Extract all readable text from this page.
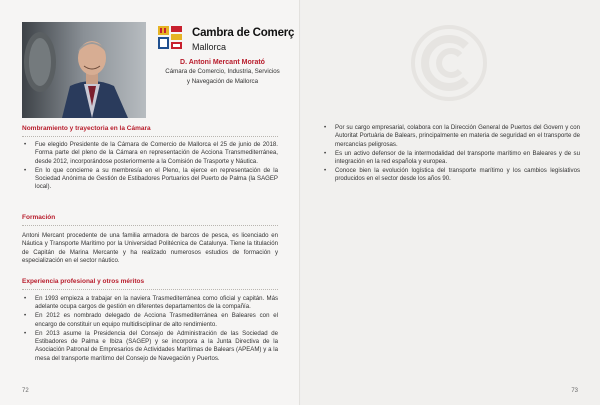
Cambra de Comerç
Mallorca
D. Antoni Mercant Morató
Cámara de Comercio, Industria, Servicios
y Navegación de Mallorca
Nombramiento y trayectoria en la Cámara
• Fue elegido Presidente de la Cámara de Comercio de Mallorca el 25 de junio de 2018. Forma parte del pleno de la Cámara en representación de Acciona Transmediterránea, desde 2012, incorporándose posteriormente a la Comisión de Trasporte y Náutica.
• En lo que concierne a su membresía en el Pleno, la ejerce en representación de la Sociedad Anónima de Gestión de Estibadores Portuarios del Puerto de Palma (la SAGEP local).
Formación

Antoni Mercant procedente de una familia armadora de barcos de pesca, es licenciado en Náutica y Transporte Marítimo por la Universidad Politécnica de Catalunya. Tiene la titulación de Capitán de Marina Mercante y ha realizado numerosos estudios de formación y especialización en el sector náutico.

Experiencia profesional y otros méritos
• En 1993 empieza a trabajar en la naviera Trasmediterránea como oficial y capitán. Más adelante ocupa cargos de gestión en diferentes departamentos de la compañía.
• En 2012 es nombrado delegado de Acciona Trasmediterránea en Baleares con el encargo de constituir un equipo multidisciplinar de alto rendimiento.
• En 2013 asume la Presidencia del Consejo de Administración de las Sociedad de Estibadores de Palma e Ibiza (SAGEP) y se incorpora a la Junta Directiva de la Asociación Patronal de Empresarios de Actividades Marítimas de Balears (APEAM) y a la mesa del transporte marítimo del Consejo de Navegación y Puertos.
72
• Por su cargo empresarial, colabora con la Dirección General de Puertos del Govern y con Autoritat Portuària de Balears, principalmente en materia de seguridad en el transporte de mercancías peligrosas.
• Es un activo defensor de la intermodalidad del transporte marítimo en Baleares y de su integración en la red española y europea.
• Conoce bien la evolución logística del transporte marítimo y los cambios legislativos producidos en el sector desde los años 90.
73
